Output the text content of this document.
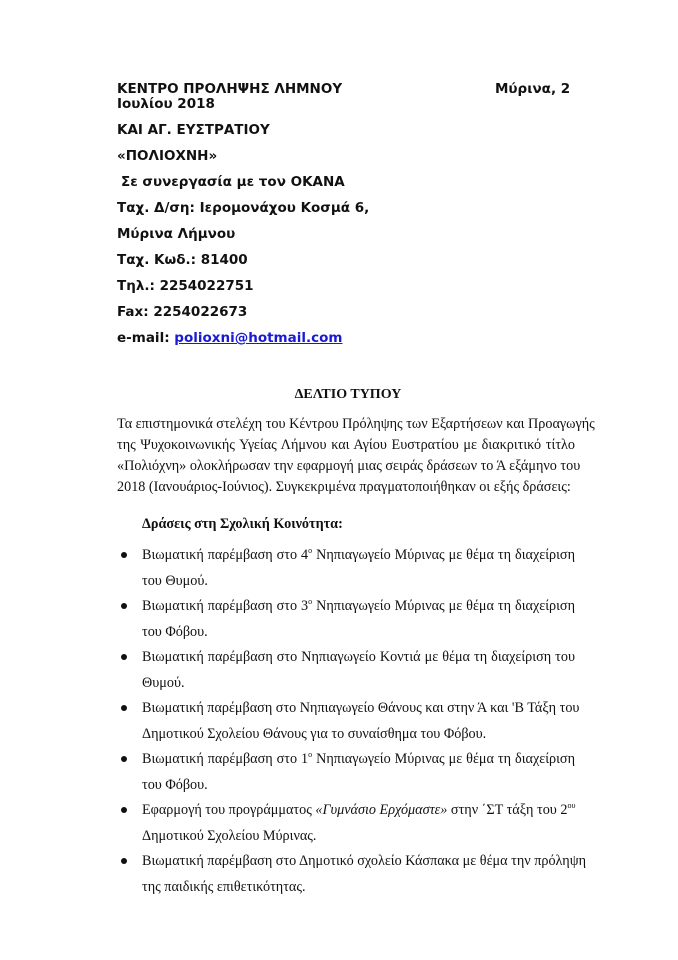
ΚΕΝΤΡΟ ΠΡΟΛΗΨΗΣ ΛΗΜΝΟΥ	Μύρινα, 2
Ιουλίου 2018
ΚΑΙ ΑΓ. ΕΥΣΤΡΑΤΙΟΥ
«ΠΟΛΙΟΧΝΗ»
Σε συνεργασία με τον ΟΚΑΝΑ
Ταχ. Δ/ση: Ιερομονάχου Κοσμά 6,
Μύρινα Λήμνου
Ταχ. Κωδ.: 81400
Τηλ.: 2254022751
Fax: 2254022673
e-mail: polioxni@hotmail.com
ΔΕΛΤΙΟ ΤΥΠΟΥ
Τα επιστημονικά στελέχη του Κέντρου Πρόληψης των Εξαρτήσεων και Προαγωγής
της Ψυχοκοινωνικής Υγείας Λήμνου και Αγίου Ευστρατίου με διακριτικό τίτλο
«Πολιόχνη» ολοκλήρωσαν την εφαρμογή μιας σειράς δράσεων το Ά εξάμηνο του
2018 (Ιανουάριος-Ιούνιος). Συγκεκριμένα πραγματοποιήθηκαν οι εξής δράσεις:
Δράσεις στη Σχολική Κοινότητα:
Βιωματική παρέμβαση στο $4^o$ Νηπιαγωγείο Μύρινας με θέμα τη διαχείριση
του Θυμού.
Βιωματική παρέμβαση στο $3^o$ Νηπιαγωγείο Μύρινας με θέμα τη διαχείριση
του Φόβου.
Βιωματική παρέμβαση στο Νηπιαγωγείο Κοντιά με θέμα τη διαχείριση του
Θυμού.
Βιωματική παρέμβαση στο Νηπιαγωγείο Θάνους και στην Ά και 'Β Τάξη του
Δημοτικού Σχολείου Θάνους για το συναίσθημα του Φόβου.
Βιωματική παρέμβαση στο $1^o$ Νηπιαγωγείο Μύρινας με θέμα τη διαχείριση
του Φόβου.
Εφαρμογή του προγράμματος «Γυμνάσιο Ερχόμαστε» στην ΄ΣΤ τάξη του $2^{o\upsilon}$
Δημοτικού Σχολείου Μύρινας.
Βιωματική παρέμβαση στο Δημοτικό σχολείο Κάσπακα με θέμα την πρόληψη
της παιδικής επιθετικότητας.
